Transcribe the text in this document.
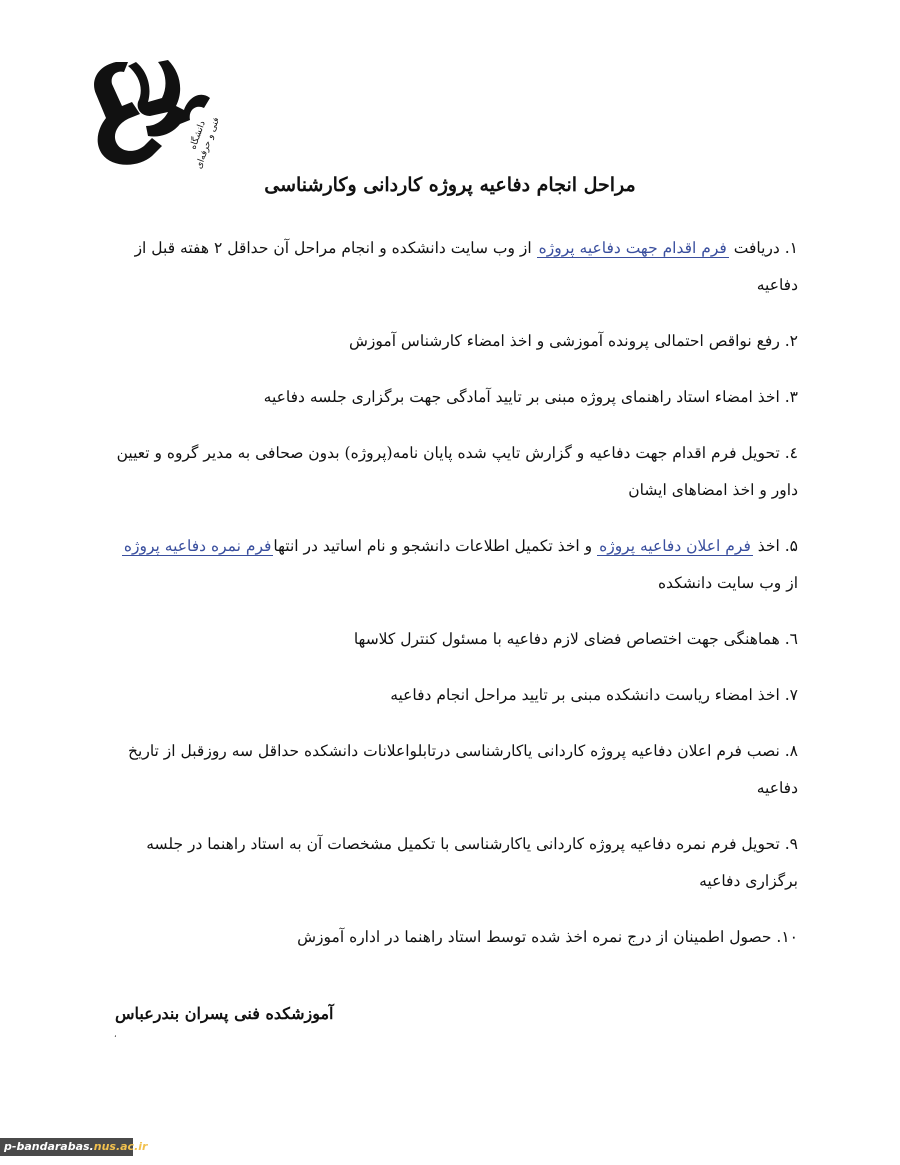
دانشگاه فنی و حرفه‌ای
مراحل انجام دفاعیه پروژه کاردانی وکارشناسی
۱. دریافت فرم اقدام جهت دفاعیه پروژه از وب سایت دانشکده و انجام مراحل آن حداقل ۲ هفته قبل از دفاعیه
۲. رفع نواقص احتمالی پرونده آموزشی و اخذ امضاء کارشناس آموزش
۳. اخذ امضاء استاد راهنمای پروژه مبنی بر تایید آمادگی جهت برگزاری جلسه دفاعیه
٤. تحویل فرم اقدام جهت دفاعیه و گزارش تایپ شده پایان نامه(پروژه) بدون صحافی به مدیر گروه و تعیین داور و اخذ امضاهای ایشان
۵. اخذ فرم اعلان دفاعیه پروژه و اخذ تکمیل اطلاعات دانشجو و نام اساتید در انتهافرم نمره دفاعیه پروژه از وب سایت دانشکده
٦. هماهنگی جهت اختصاص فضای لازم دفاعیه با مسئول کنترل کلاسها
۷. اخذ امضاء ریاست دانشکده مبنی بر تایید مراحل انجام دفاعیه
۸. نصب فرم اعلان دفاعیه پروژه کاردانی یاکارشناسی درتابلواعلانات دانشکده حداقل سه روزقبل از تاریخ دفاعیه
۹. تحویل فرم نمره دفاعیه پروژه کاردانی یاکارشناسی با تکمیل مشخصات آن به استاد راهنما در جلسه برگزاری دفاعیه
۱۰. حصول اطمینان از درج نمره اخذ شده توسط استاد راهنما در اداره آموزش
آموزشکده فنی پسران بندرعباس
،
p-bandarabas.nus.ac.ir
